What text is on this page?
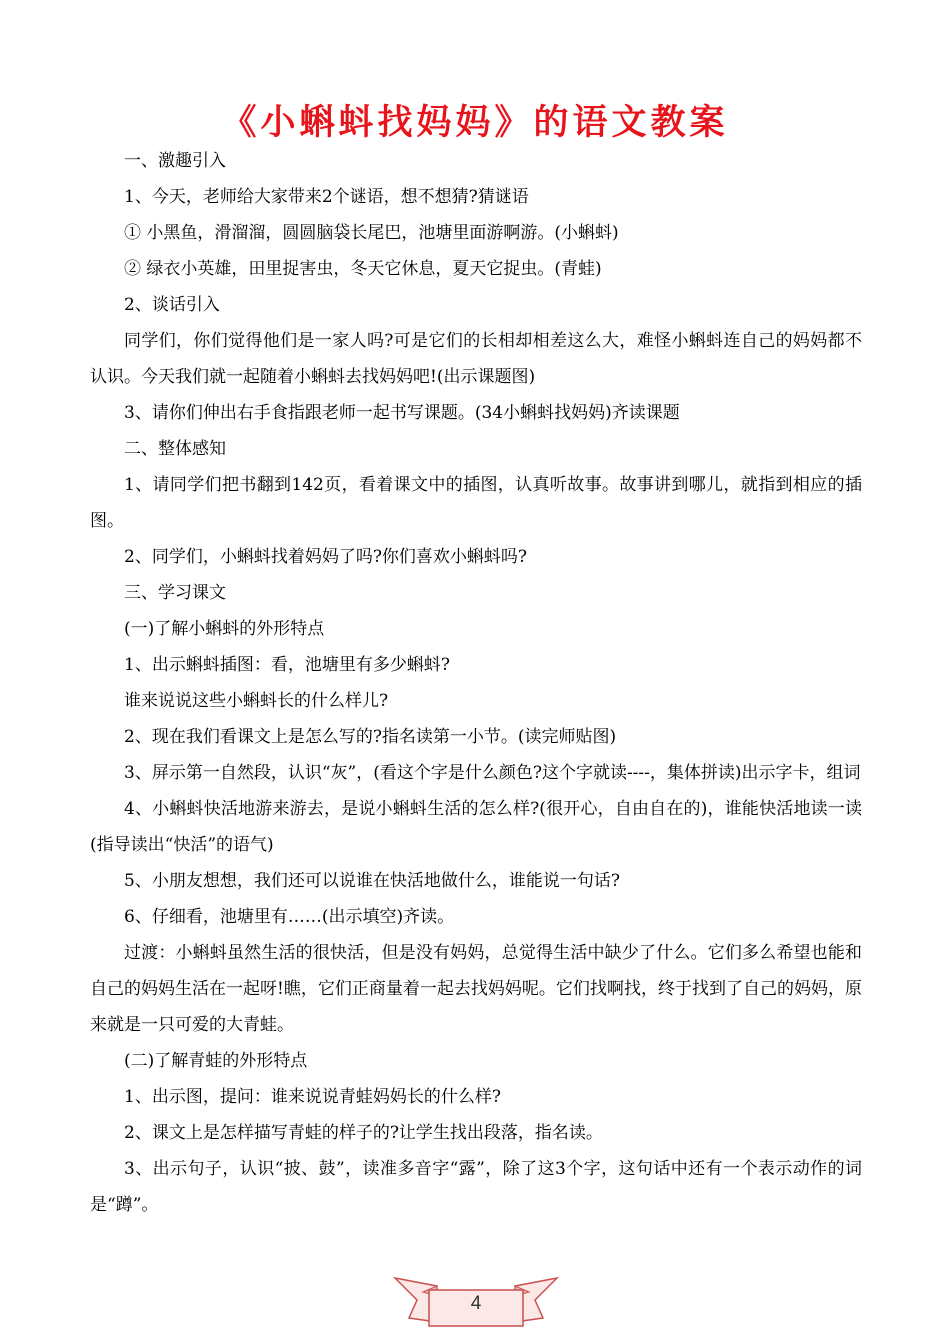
《小蝌蚪找妈妈》的语文教案

一、激趣引入

1、今天，老师给大家带来2个谜语，想不想猜?猜谜语

① 小黑鱼，滑溜溜，圆圆脑袋长尾巴，池塘里面游啊游。(小蝌蚪)

② 绿衣小英雄，田里捉害虫，冬天它休息，夏天它捉虫。(青蛙)

2、谈话引入

同学们，你们觉得他们是一家人吗?可是它们的长相却相差这么大，难怪小蝌蚪连自己的妈妈都不认识。今天我们就一起随着小蝌蚪去找妈妈吧!(出示课题图)

3、请你们伸出右手食指跟老师一起书写课题。(34小蝌蚪找妈妈)齐读课题

二、整体感知

1、请同学们把书翻到142页，看着课文中的插图，认真听故事。故事讲到哪儿，就指到相应的插图。

2、同学们，小蝌蚪找着妈妈了吗?你们喜欢小蝌蚪吗?

三、学习课文

(一)了解小蝌蚪的外形特点

1、出示蝌蚪插图：看，池塘里有多少蝌蚪?

谁来说说这些小蝌蚪长的什么样儿?

2、现在我们看课文上是怎么写的?指名读第一小节。(读完师贴图)

3、屏示第一自然段，认识“灰”，(看这个字是什么颜色?这个字就读----，集体拼读)出示字卡，组词

4、小蝌蚪快活地游来游去，是说小蝌蚪生活的怎么样?(很开心，自由自在的)，谁能快活地读一读(指导读出“快活”的语气)

5、小朋友想想，我们还可以说谁在快活地做什么，谁能说一句话?

6、仔细看，池塘里有……(出示填空)齐读。

过渡：小蝌蚪虽然生活的很快活，但是没有妈妈，总觉得生活中缺少了什么。它们多么希望也能和自己的妈妈生活在一起呀!瞧，它们正商量着一起去找妈妈呢。它们找啊找，终于找到了自己的妈妈，原来就是一只可爱的大青蛙。

(二)了解青蛙的外形特点

1、出示图，提问：谁来说说青蛙妈妈长的什么样?

2、课文上是怎样描写青蛙的样子的?让学生找出段落，指名读。

3、出示句子，认识“披、鼓”，读准多音字“露”，除了这3个字，这句话中还有一个表示动作的词是“蹲”。

4
